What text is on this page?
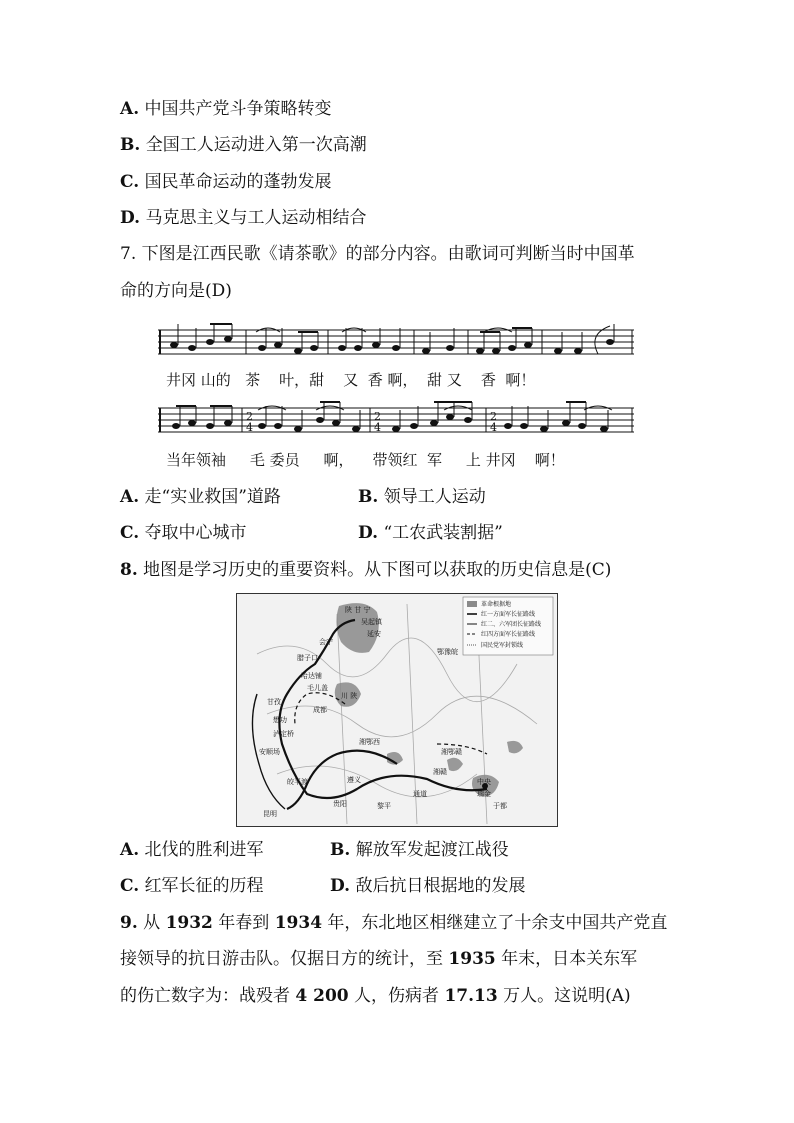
A. 中国共产党斗争策略转变
B. 全国工人运动进入第一次高潮
C. 国民革命运动的蓬勃发展
D. 马克思主义与工人运动相结合
7. 下图是江西民歌《请茶歌》的部分内容。由歌词可判断当时中国革
命的方向是(D)
井冈 山的   茶    叶，甜    又  香 啊，  甜 又    香  啊！
2
4
2
4
2
4
当年领袖     毛 委员     啊，    带领红  军     上 井冈    啊！
A. 走“实业救国”道路	B. 领导工人运动
C. 夺取中心城市	D. “工农武装割据”
8. 地图是学习历史的重要资料。从下图可以获取的历史信息是(C)
陕 甘 宁
吴起镇
延安
会宁
腊子口
哈达铺
毛儿盖
川 陕
成都
甘孜
懋功
泸定桥
安顺场
皎平渡
昆明
遵义
贵阳	黎平
通道
湘鄂西
湘鄂赣
湘赣
鄂豫皖
中央
瑞金
于都
革命根据地
红一方面军长征路线
红二、六军团长征路线
红四方面军长征路线
国民党军封锁线
A. 北伐的胜利进军	B. 解放军发起渡江战役
C. 红军长征的历程	D. 敌后抗日根据地的发展
9. 从 1932 年春到 1934 年，东北地区相继建立了十余支中国共产党直
接领导的抗日游击队。仅据日方的统计，至 1935 年末，日本关东军
的伤亡数字为：战殁者 4 200 人，伤病者 17.13 万人。这说明(A)
